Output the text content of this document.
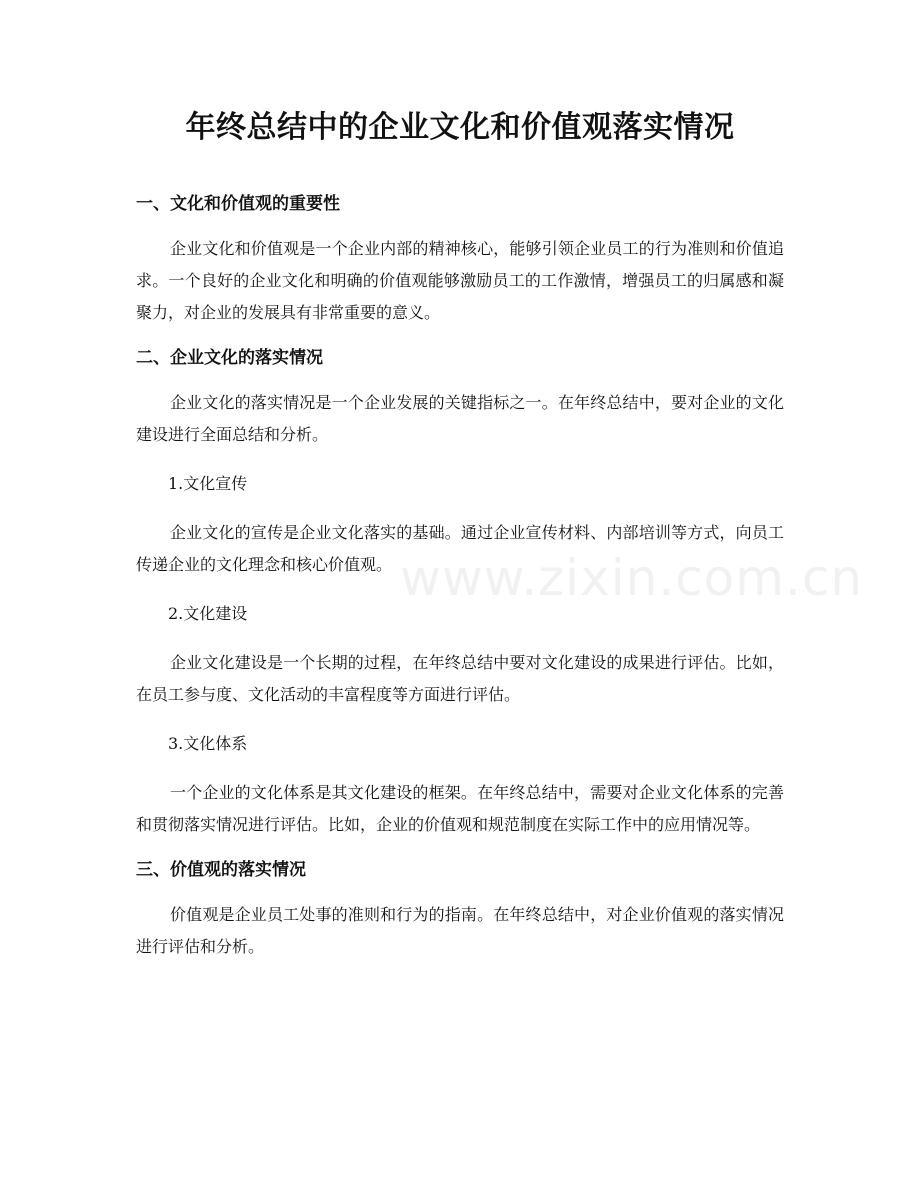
年终总结中的企业文化和价值观落实情况
一、文化和价值观的重要性

企业文化和价值观是一个企业内部的精神核心，能够引领企业员工的行为准则和价值追求。一个良好的企业文化和明确的价值观能够激励员工的工作激情，增强员工的归属感和凝聚力，对企业的发展具有非常重要的意义。

二、企业文化的落实情况

企业文化的落实情况是一个企业发展的关键指标之一。在年终总结中，要对企业的文化建设进行全面总结和分析。

1.文化宣传

企业文化的宣传是企业文化落实的基础。通过企业宣传材料、内部培训等方式，向员工传递企业的文化理念和核心价值观。

2.文化建设

企业文化建设是一个长期的过程，在年终总结中要对文化建设的成果进行评估。比如，在员工参与度、文化活动的丰富程度等方面进行评估。

3.文化体系

一个企业的文化体系是其文化建设的框架。在年终总结中，需要对企业文化体系的完善和贯彻落实情况进行评估。比如，企业的价值观和规范制度在实际工作中的应用情况等。

三、价值观的落实情况

价值观是企业员工处事的准则和行为的指南。在年终总结中，对企业价值观的落实情况进行评估和分析。

www.zixin.com.cn
